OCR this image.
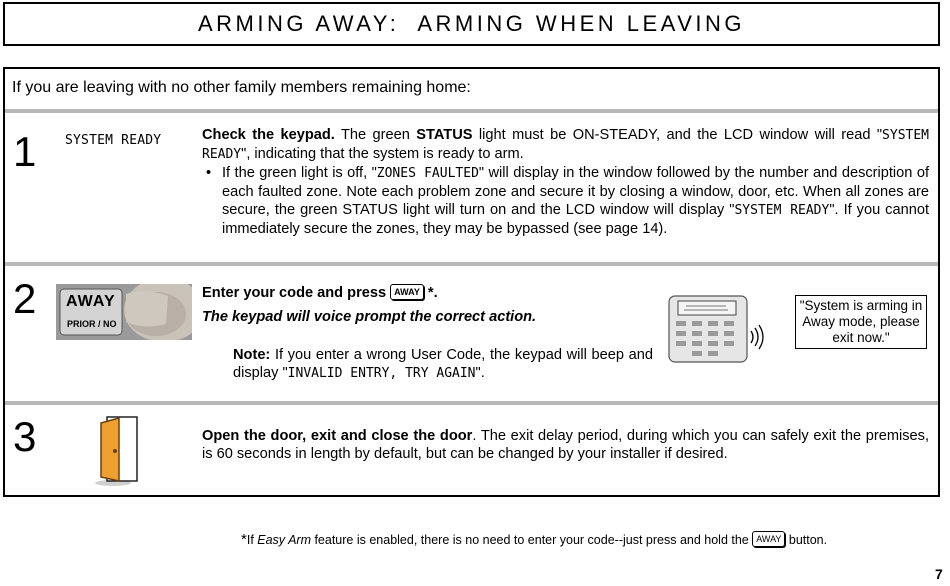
ARMING AWAY:  ARMING WHEN LEAVING
If you are leaving with no other family members remaining home:
1 SYSTEM READY	Check the keypad. The green STATUS light must be ON-STEADY, and the LCD window will read "SYSTEM READY", indicating that the system is ready to arm.
• If the green light is off, "ZONES FAULTED" will display in the window followed by the number and description of each faulted zone. Note each problem zone and secure it by closing a window, door, etc. When all zones are secure, the green STATUS light will turn on and the LCD window will display "SYSTEM READY". If you cannot immediately secure the zones, they may be bypassed (see page 14).
2 AWAY
PRIOR / NO
Enter your code and press AWAY *.
The keypad will voice prompt the correct action.
Note: If you enter a wrong User Code, the keypad will beep and display "INVALID ENTRY, TRY AGAIN".
"System is arming in Away mode, please exit now."
3	Open the door, exit and close the door. The exit delay period, during which you can safely exit the premises, is 60 seconds in length by default, but can be changed by your installer if desired.
*If Easy Arm feature is enabled, there is no need to enter your code--just press and hold the AWAY button.
7
